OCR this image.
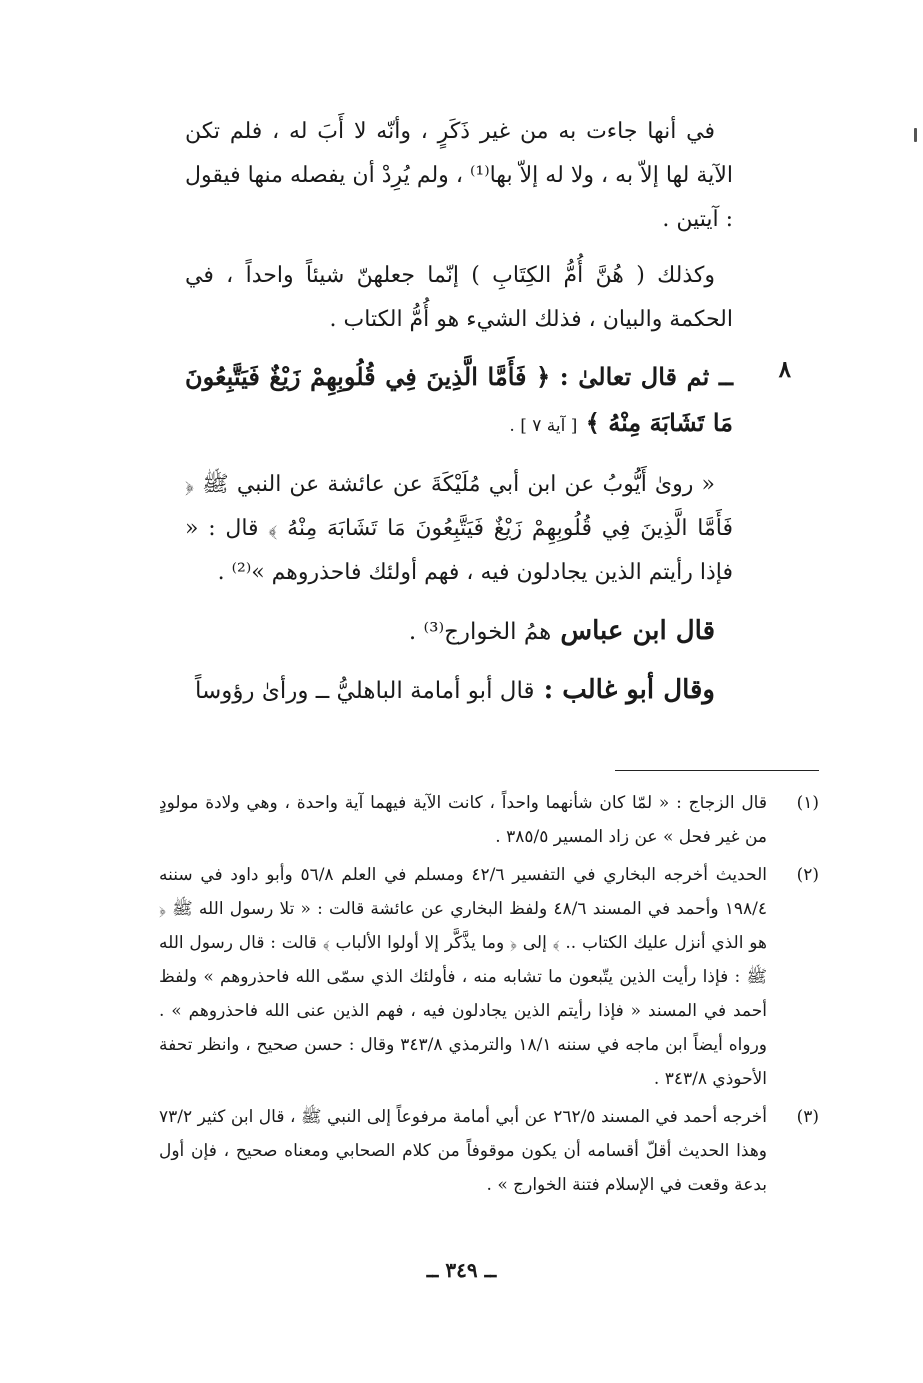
في أنها جاءت به من غير ذَكَرٍ ، وأنّه لا أَبَ له ، فلم تكن الآية لها إلاّ به ، ولا له إلاّ بها⁽¹⁾ ، ولم يُرِدْ أن يفصله منها فيقول : آيتين .

وكذلك ( هُنَّ أُمُّ الكِتَابِ ) إنّما جعلهنّ شيئاً واحداً ، في الحكمة والبيان ، فذلك الشيء هو أُمُّ الكتاب .

٨

ــ ثم قال تعالىٰ : ﴿ فَأَمَّا الَّذِينَ فِي قُلُوبِهِمْ زَيْغٌ فَيَتَّبِعُونَ مَا تَشَابَهَ مِنْهُ ﴾ [ آية ٧ ] .

« روىٰ أَيُّوبُ عن ابن أبي مُلَيْكَةَ عن عائشة عن النبي ﷺ ﴿ فَأَمَّا الَّذِينَ فِي قُلُوبِهِمْ زَيْغٌ فَيَتَّبِعُونَ مَا تَشَابَهَ مِنْهُ ﴾ قال : « فإذا رأيتم الذين يجادلون فيه ، فهم أولئك فاحذروهم »⁽²⁾ .

قال ابن عباس همُ الخوارج⁽³⁾ .

وقال أبو غالب : قال أبو أمامة الباهليُّ ــ ورأىٰ رؤوساً

(١)
قال الزجاج : « لمّا كان شأنهما واحداً ، كانت الآية فيهما آية واحدة ، وهي ولادة مولودٍ من غير فحل » عن زاد المسير ٣٨٥/٥ .
(٢)
الحديث أخرجه البخاري في التفسير ٤٢/٦ ومسلم في العلم ٥٦/٨ وأبو داود في سننه ١٩٨/٤ وأحمد في المسند ٤٨/٦ ولفظ البخاري عن عائشة قالت : « تلا رسول الله ﷺ ﴿ هو الذي أنزل عليك الكتاب .. ﴾ إلى ﴿ وما يذَّكَّر إلا أولوا الألباب ﴾ قالت : قال رسول الله ﷺ : فإذا رأيت الذين يتّبعون ما تشابه منه ، فأولئك الذي سمّى الله فاحذروهم » ولفظ أحمد في المسند « فإذا رأيتم الذين يجادلون فيه ، فهم الذين عنى الله فاحذروهم » . ورواه أيضاً ابن ماجه في سننه ١٨/١ والترمذي ٣٤٣/٨ وقال : حسن صحيح ، وانظر تحفة الأحوذي ٣٤٣/٨ .
(٣)
أخرجه أحمد في المسند ٢٦٢/٥ عن أبي أمامة مرفوعاً إلى النبي ﷺ ، قال ابن كثير ٧٣/٢ وهذا الحديث أقلّ أقسامه أن يكون موقوفاً من كلام الصحابي ومعناه صحيح ، فإن أول بدعة وقعت في الإسلام فتنة الخوارج » .
ــ ٣٤٩ ــ
